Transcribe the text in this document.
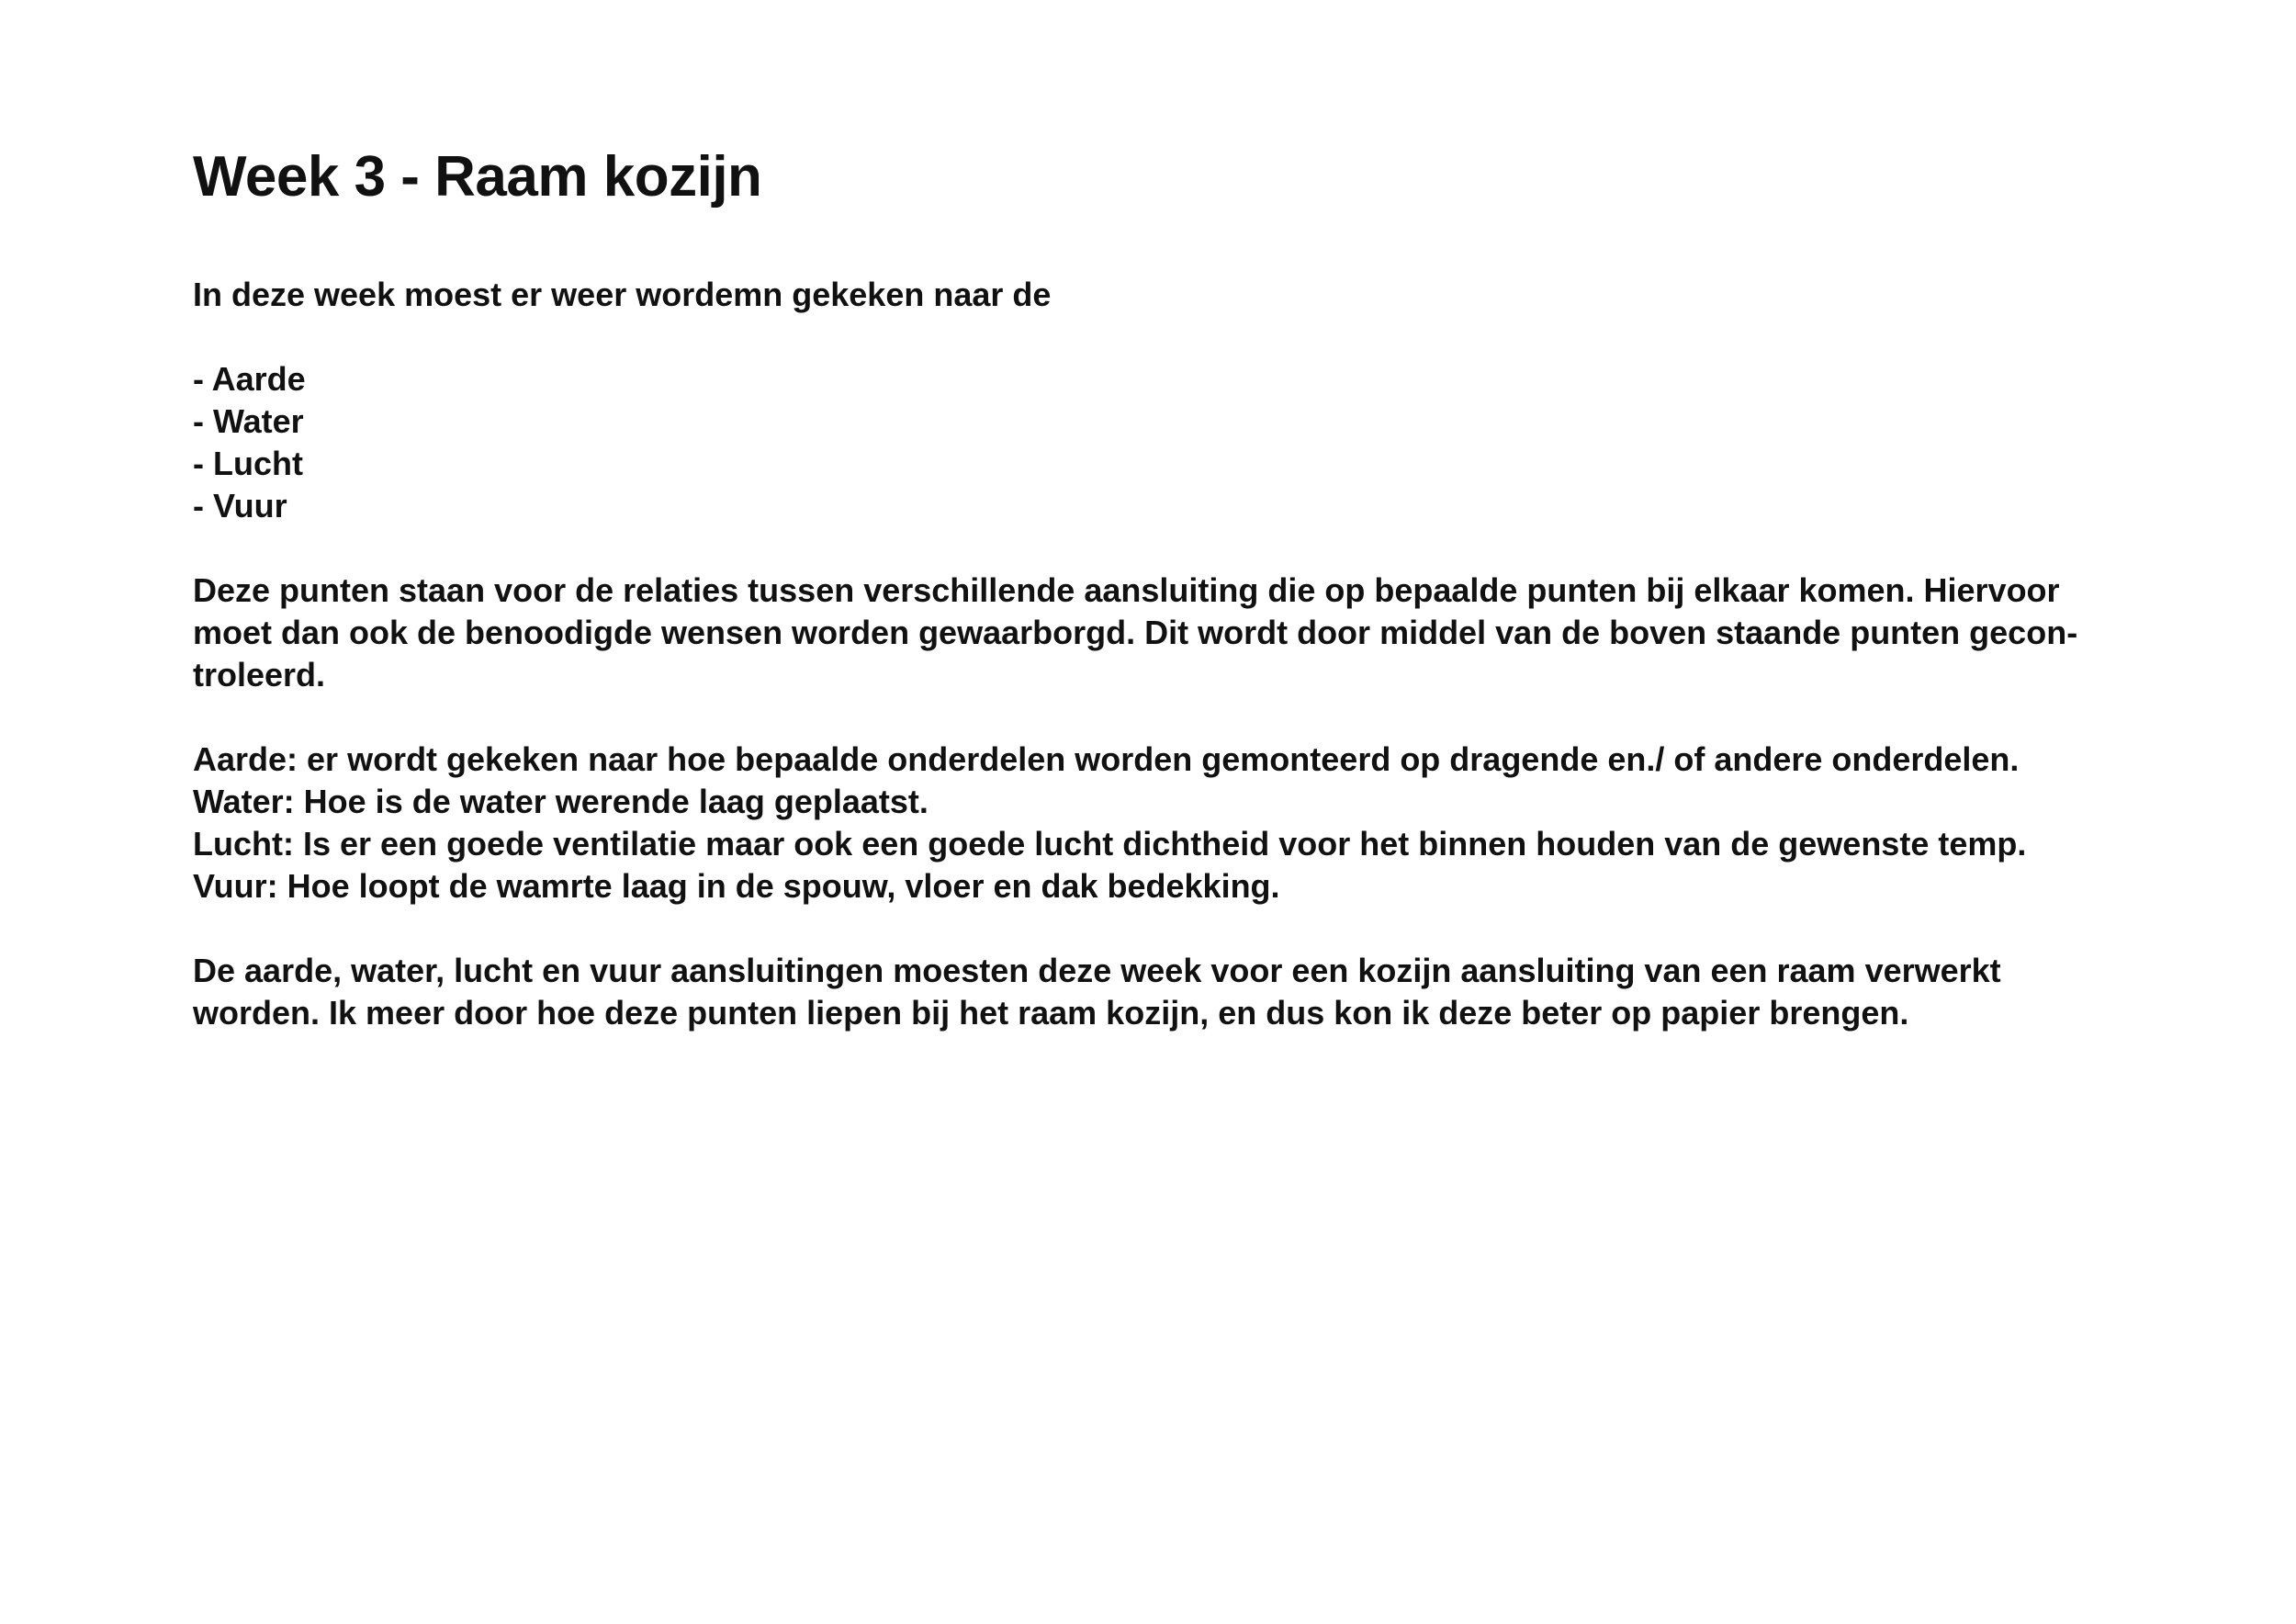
Week 3 - Raam kozijn

In deze week moest er weer wordemn gekeken naar de

- Aarde
- Water
- Lucht
- Vuur
Deze punten staan voor de relaties tussen verschillende aansluiting die op bepaalde punten bij elkaar komen. Hiervoor
moet dan ook de benoodigde wensen worden gewaarborgd. Dit wordt door middel van de boven staande punten gecon-
troleerd.
Aarde: er wordt gekeken naar hoe bepaalde onderdelen worden gemonteerd op dragende en./ of andere onderdelen.
Water: Hoe is de water werende laag geplaatst.
Lucht: Is er een goede ventilatie maar ook een goede lucht dichtheid voor het binnen houden van de gewenste temp.
Vuur: Hoe loopt de wamrte laag in de spouw, vloer en dak bedekking.
De aarde, water, lucht en vuur aansluitingen moesten deze week voor een kozijn aansluiting van een raam verwerkt
worden. Ik meer door hoe deze punten liepen bij het raam kozijn, en dus kon ik deze beter op papier brengen.
